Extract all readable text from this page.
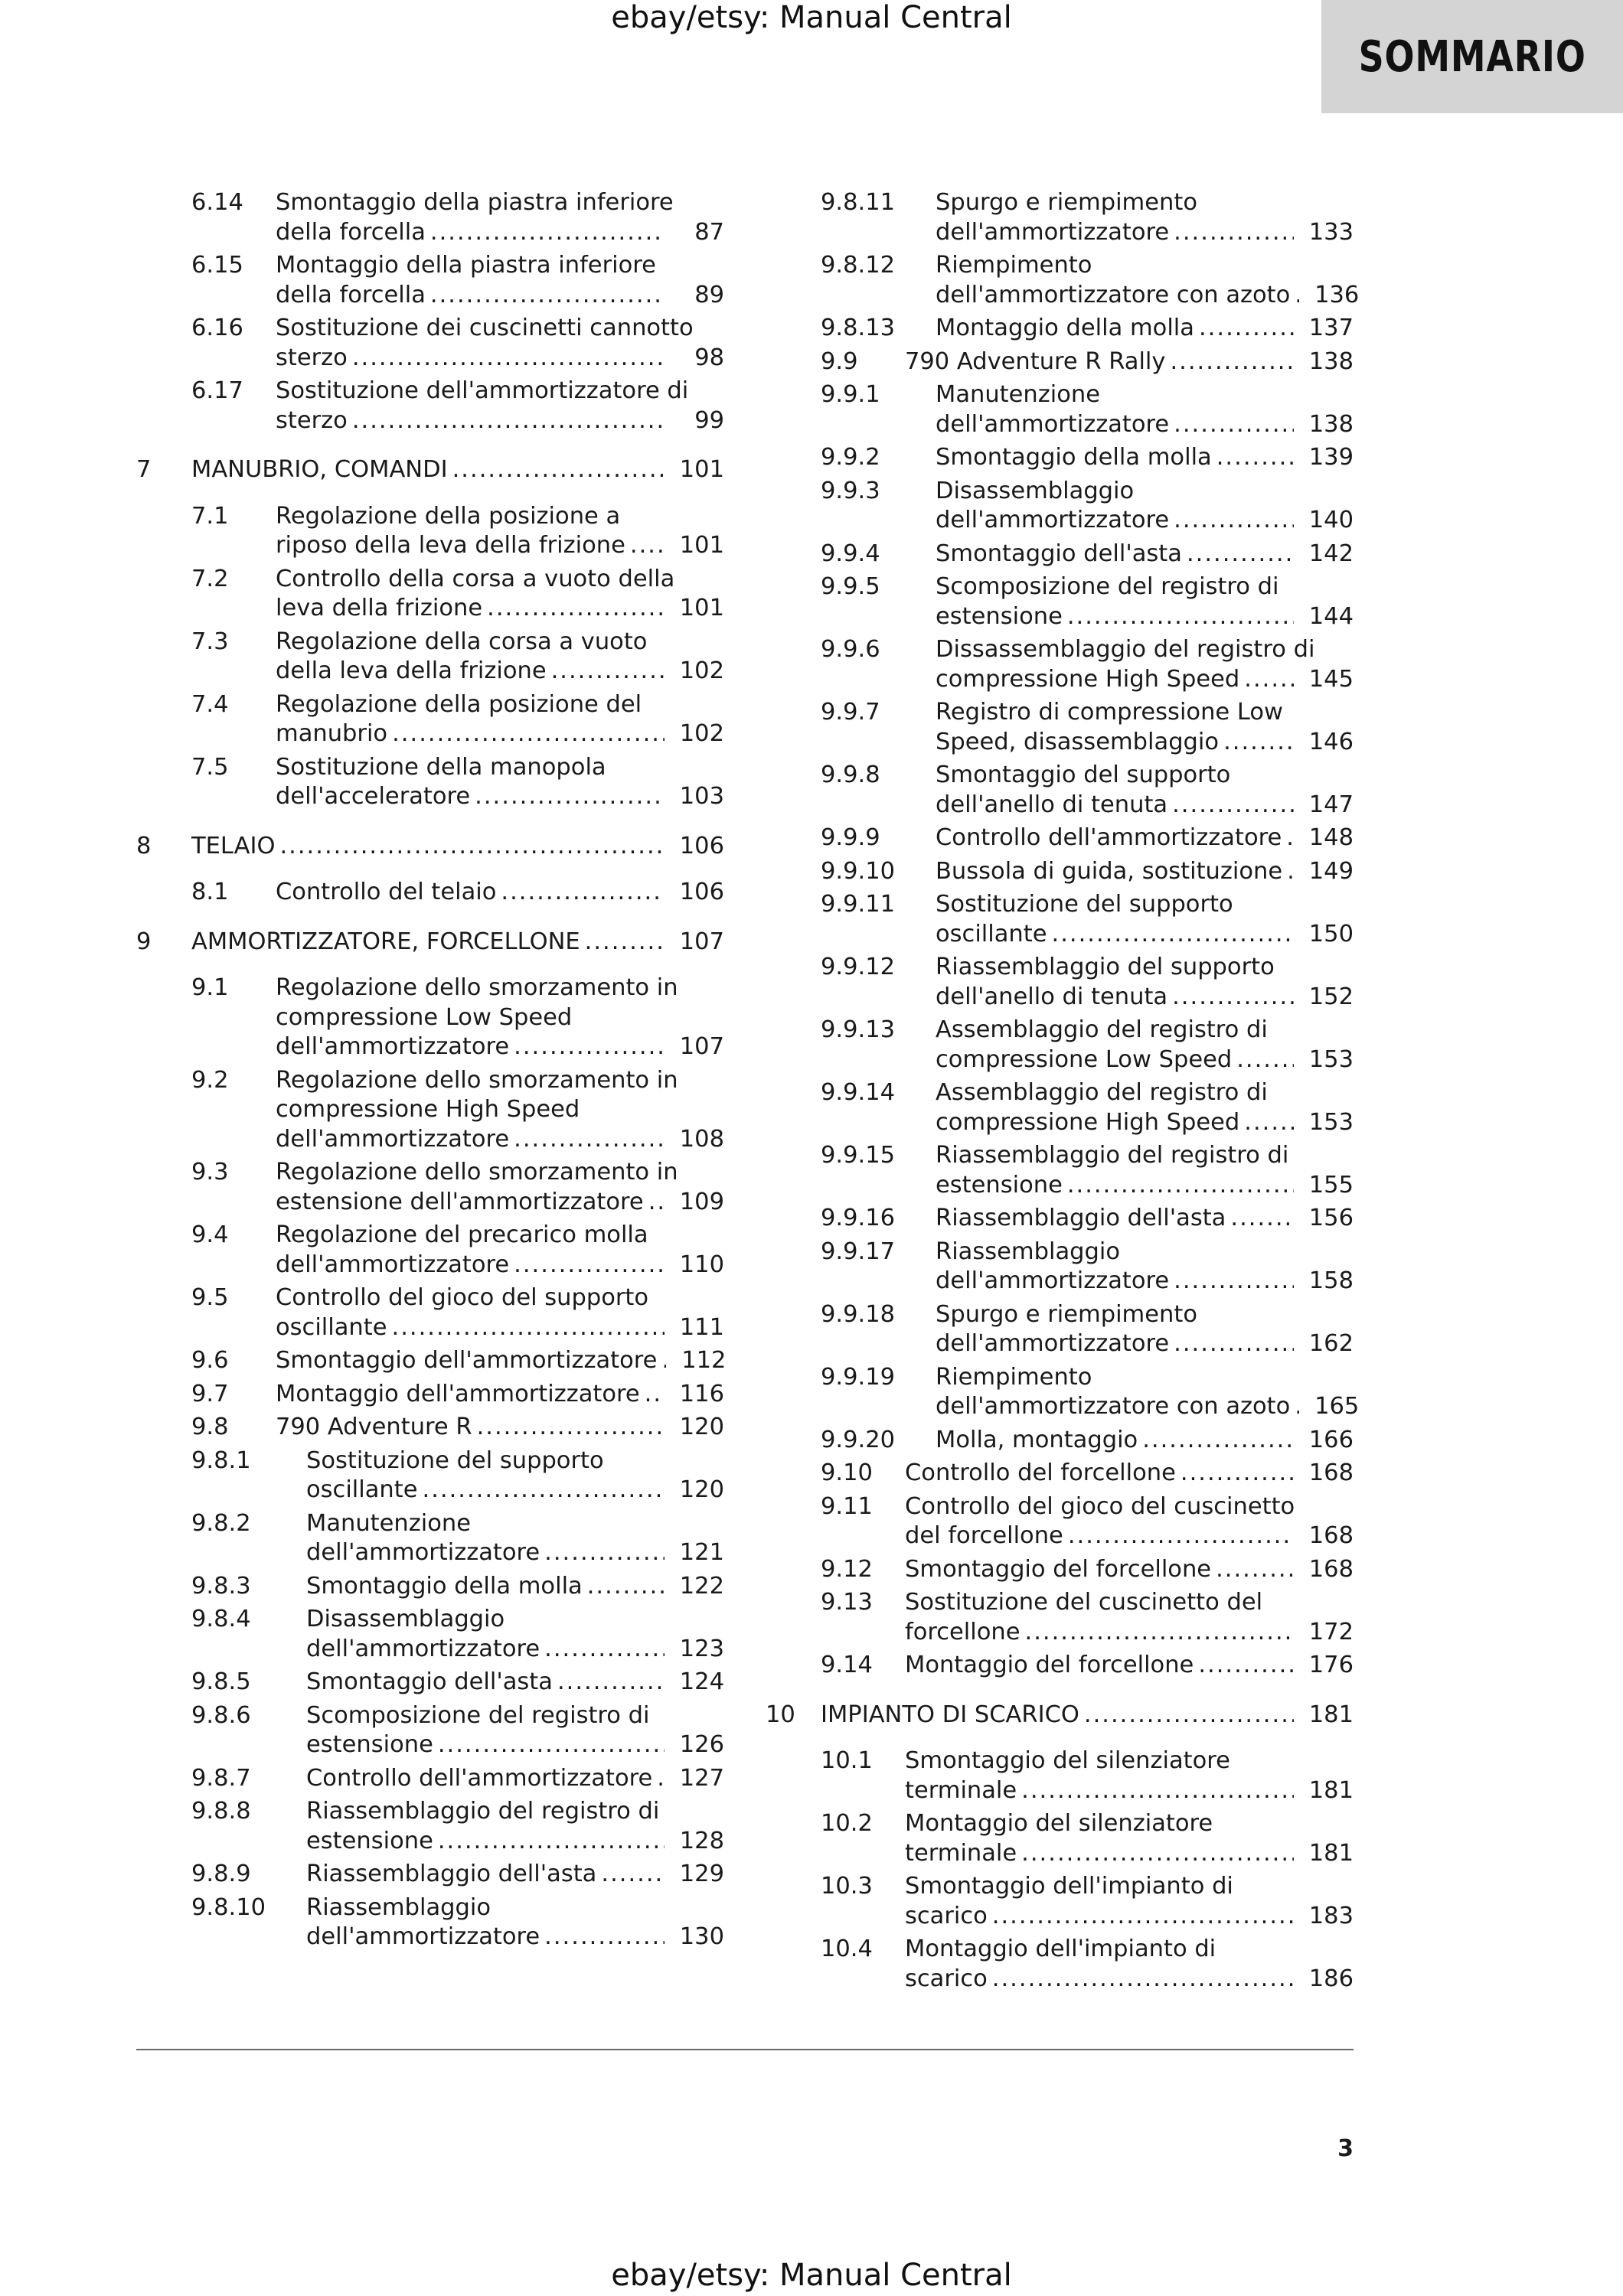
ebay/etsy: Manual Central
SOMMARIO
6.14 Smontaggio della piastra inferiore
della forcella .....	87
6.15 Montaggio della piastra inferiore
della forcella .....	89
6.16 Sostituzione dei cuscinetti cannotto
sterzo .....	98
6.17 Sostituzione dell'ammortizzatore di
sterzo .....	99
7 MANUBRIO, COMANDI .....	101
7.1 Regolazione della posizione a
riposo della leva della frizione .....	101
7.2 Controllo della corsa a vuoto della
leva della frizione .....	101
7.3 Regolazione della corsa a vuoto
della leva della frizione .....	102
7.4 Regolazione della posizione del
manubrio .....	102
7.5 Sostituzione della manopola
dell'acceleratore .....	103
8 TELAIO .....	106
8.1 Controllo del telaio .....	106
9 AMMORTIZZATORE, FORCELLONE .....	107
9.1 Regolazione dello smorzamento in
compressione Low Speed
dell'ammortizzatore .....	107
9.2 Regolazione dello smorzamento in
compressione High Speed
dell'ammortizzatore .....	108
9.3 Regolazione dello smorzamento in
estensione dell'ammortizzatore .....	109
9.4 Regolazione del precarico molla
dell'ammortizzatore .....	110
9.5 Controllo del gioco del supporto
oscillante .....	111
9.6 Smontaggio dell'ammortizzatore .....	112
9.7 Montaggio dell'ammortizzatore .....	116
9.8 790 Adventure R .....	120
9.8.1 Sostituzione del supporto
oscillante .....	120
9.8.2 Manutenzione
dell'ammortizzatore .....	121
9.8.3 Smontaggio della molla .....	122
9.8.4 Disassemblaggio
dell'ammortizzatore .....	123
9.8.5 Smontaggio dell'asta .....	124
9.8.6 Scomposizione del registro di
estensione .....	126
9.8.7 Controllo dell'ammortizzatore .....	127
9.8.8 Riassemblaggio del registro di
estensione .....	128
9.8.9 Riassemblaggio dell'asta .....	129
9.8.10 Riassemblaggio
dell'ammortizzatore .....	130
9.8.11 Spurgo e riempimento
dell'ammortizzatore .....	133
9.8.12 Riempimento
dell'ammortizzatore con azoto .....	136
9.8.13 Montaggio della molla .....	137
9.9 790 Adventure R Rally .....	138
9.9.1 Manutenzione
dell'ammortizzatore .....	138
9.9.2 Smontaggio della molla .....	139
9.9.3 Disassemblaggio
dell'ammortizzatore .....	140
9.9.4 Smontaggio dell'asta .....	142
9.9.5 Scomposizione del registro di
estensione .....	144
9.9.6 Dissassemblaggio del registro di
compressione High Speed .....	145
9.9.7 Registro di compressione Low
Speed, disassemblaggio .....	146
9.9.8 Smontaggio del supporto
dell'anello di tenuta .....	147
9.9.9 Controllo dell'ammortizzatore .....	148
9.9.10 Bussola di guida, sostituzione .....	149
9.9.11 Sostituzione del supporto
oscillante .....	150
9.9.12 Riassemblaggio del supporto
dell'anello di tenuta .....	152
9.9.13 Assemblaggio del registro di
compressione Low Speed .....	153
9.9.14 Assemblaggio del registro di
compressione High Speed .....	153
9.9.15 Riassemblaggio del registro di
estensione .....	155
9.9.16 Riassemblaggio dell'asta .....	156
9.9.17 Riassemblaggio
dell'ammortizzatore .....	158
9.9.18 Spurgo e riempimento
dell'ammortizzatore .....	162
9.9.19 Riempimento
dell'ammortizzatore con azoto .....	165
9.9.20 Molla, montaggio .....	166
9.10 Controllo del forcellone .....	168
9.11 Controllo del gioco del cuscinetto
del forcellone .....	168
9.12 Smontaggio del forcellone .....	168
9.13 Sostituzione del cuscinetto del
forcellone .....	172
9.14 Montaggio del forcellone .....	176
10 IMPIANTO DI SCARICO .....	181
10.1 Smontaggio del silenziatore
terminale .....	181
10.2 Montaggio del silenziatore
terminale .....	181
10.3 Smontaggio dell'impianto di
scarico .....	183
10.4 Montaggio dell'impianto di
scarico .....	186
3
ebay/etsy: Manual Central
